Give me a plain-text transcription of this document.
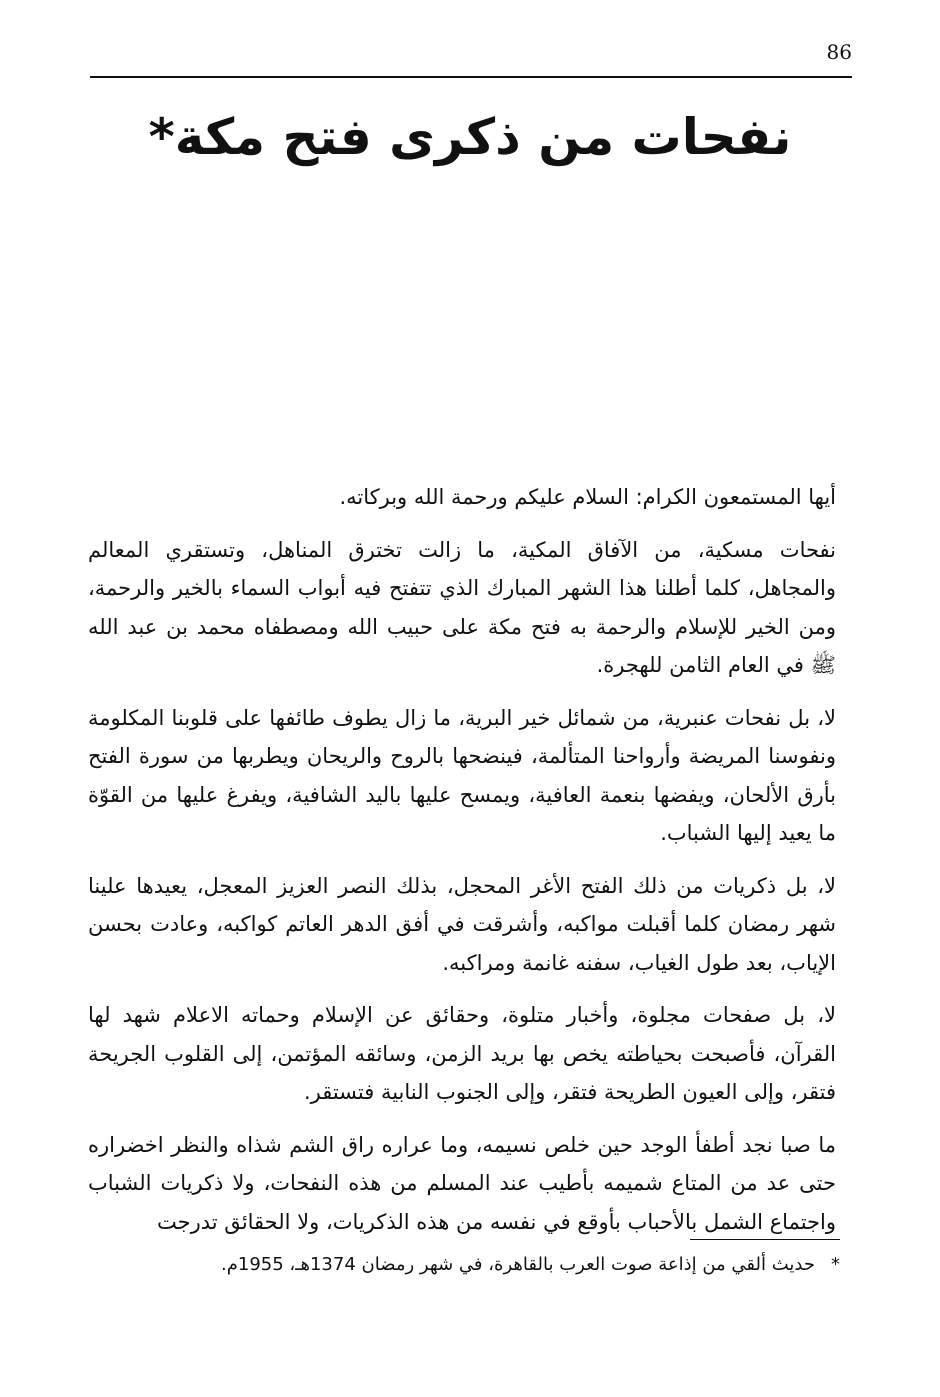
86
نفحات من ذكرى فتح مكة*

أيها المستمعون الكرام: السلام عليكم ورحمة الله وبركاته.

نفحات مسكية، من الآفاق المكية، ما زالت تخترق المناهل، وتستقري المعالم والمجاهل، كلما أطلنا هذا الشهر المبارك الذي تتفتح فيه أبواب السماء بالخير والرحمة، ومن الخير للإسلام والرحمة به فتح مكة على حبيب الله ومصطفاه محمد بن عبد الله ﷺ في العام الثامن للهجرة.

لا، بل نفحات عنبرية، من شمائل خير البرية، ما زال يطوف طائفها على قلوبنا المكلومة ونفوسنا المريضة وأرواحنا المتألمة، فينضحها بالروح والريحان ويطربها من سورة الفتح بأرق الألحان، ويفضها بنعمة العافية، ويمسح عليها باليد الشافية، ويفرغ عليها من القوّة ما يعيد إليها الشباب.

لا، بل ذكريات من ذلك الفتح الأغر المحجل، بذلك النصر العزيز المعجل، يعيدها علينا شهر رمضان كلما أقبلت مواكبه، وأشرقت في أفق الدهر العاتم كواكبه، وعادت بحسن الإياب، بعد طول الغياب، سفنه غانمة ومراكبه.

لا، بل صفحات مجلوة، وأخبار متلوة، وحقائق عن الإسلام وحماته الاعلام شهد لها القرآن، فأصبحت بحياطته يخص بها بريد الزمن، وسائقه المؤتمن، إلى القلوب الجريحة فتقر، وإلى العيون الطريحة فتقر، وإلى الجنوب النابية فتستقر.

ما صبا نجد أطفأ الوجد حين خلص نسيمه، وما عراره راق الشم شذاه والنظر اخضراره حتى عد من المتاع شميمه بأطيب عند المسلم من هذه النفحات، ولا ذكريات الشباب واجتماع الشمل بالأحباب بأوقع في نفسه من هذه الذكريات، ولا الحقائق تدرجت

*حديث ألقي من إذاعة صوت العرب بالقاهرة، في شهر رمضان 1374هـ، 1955م.
